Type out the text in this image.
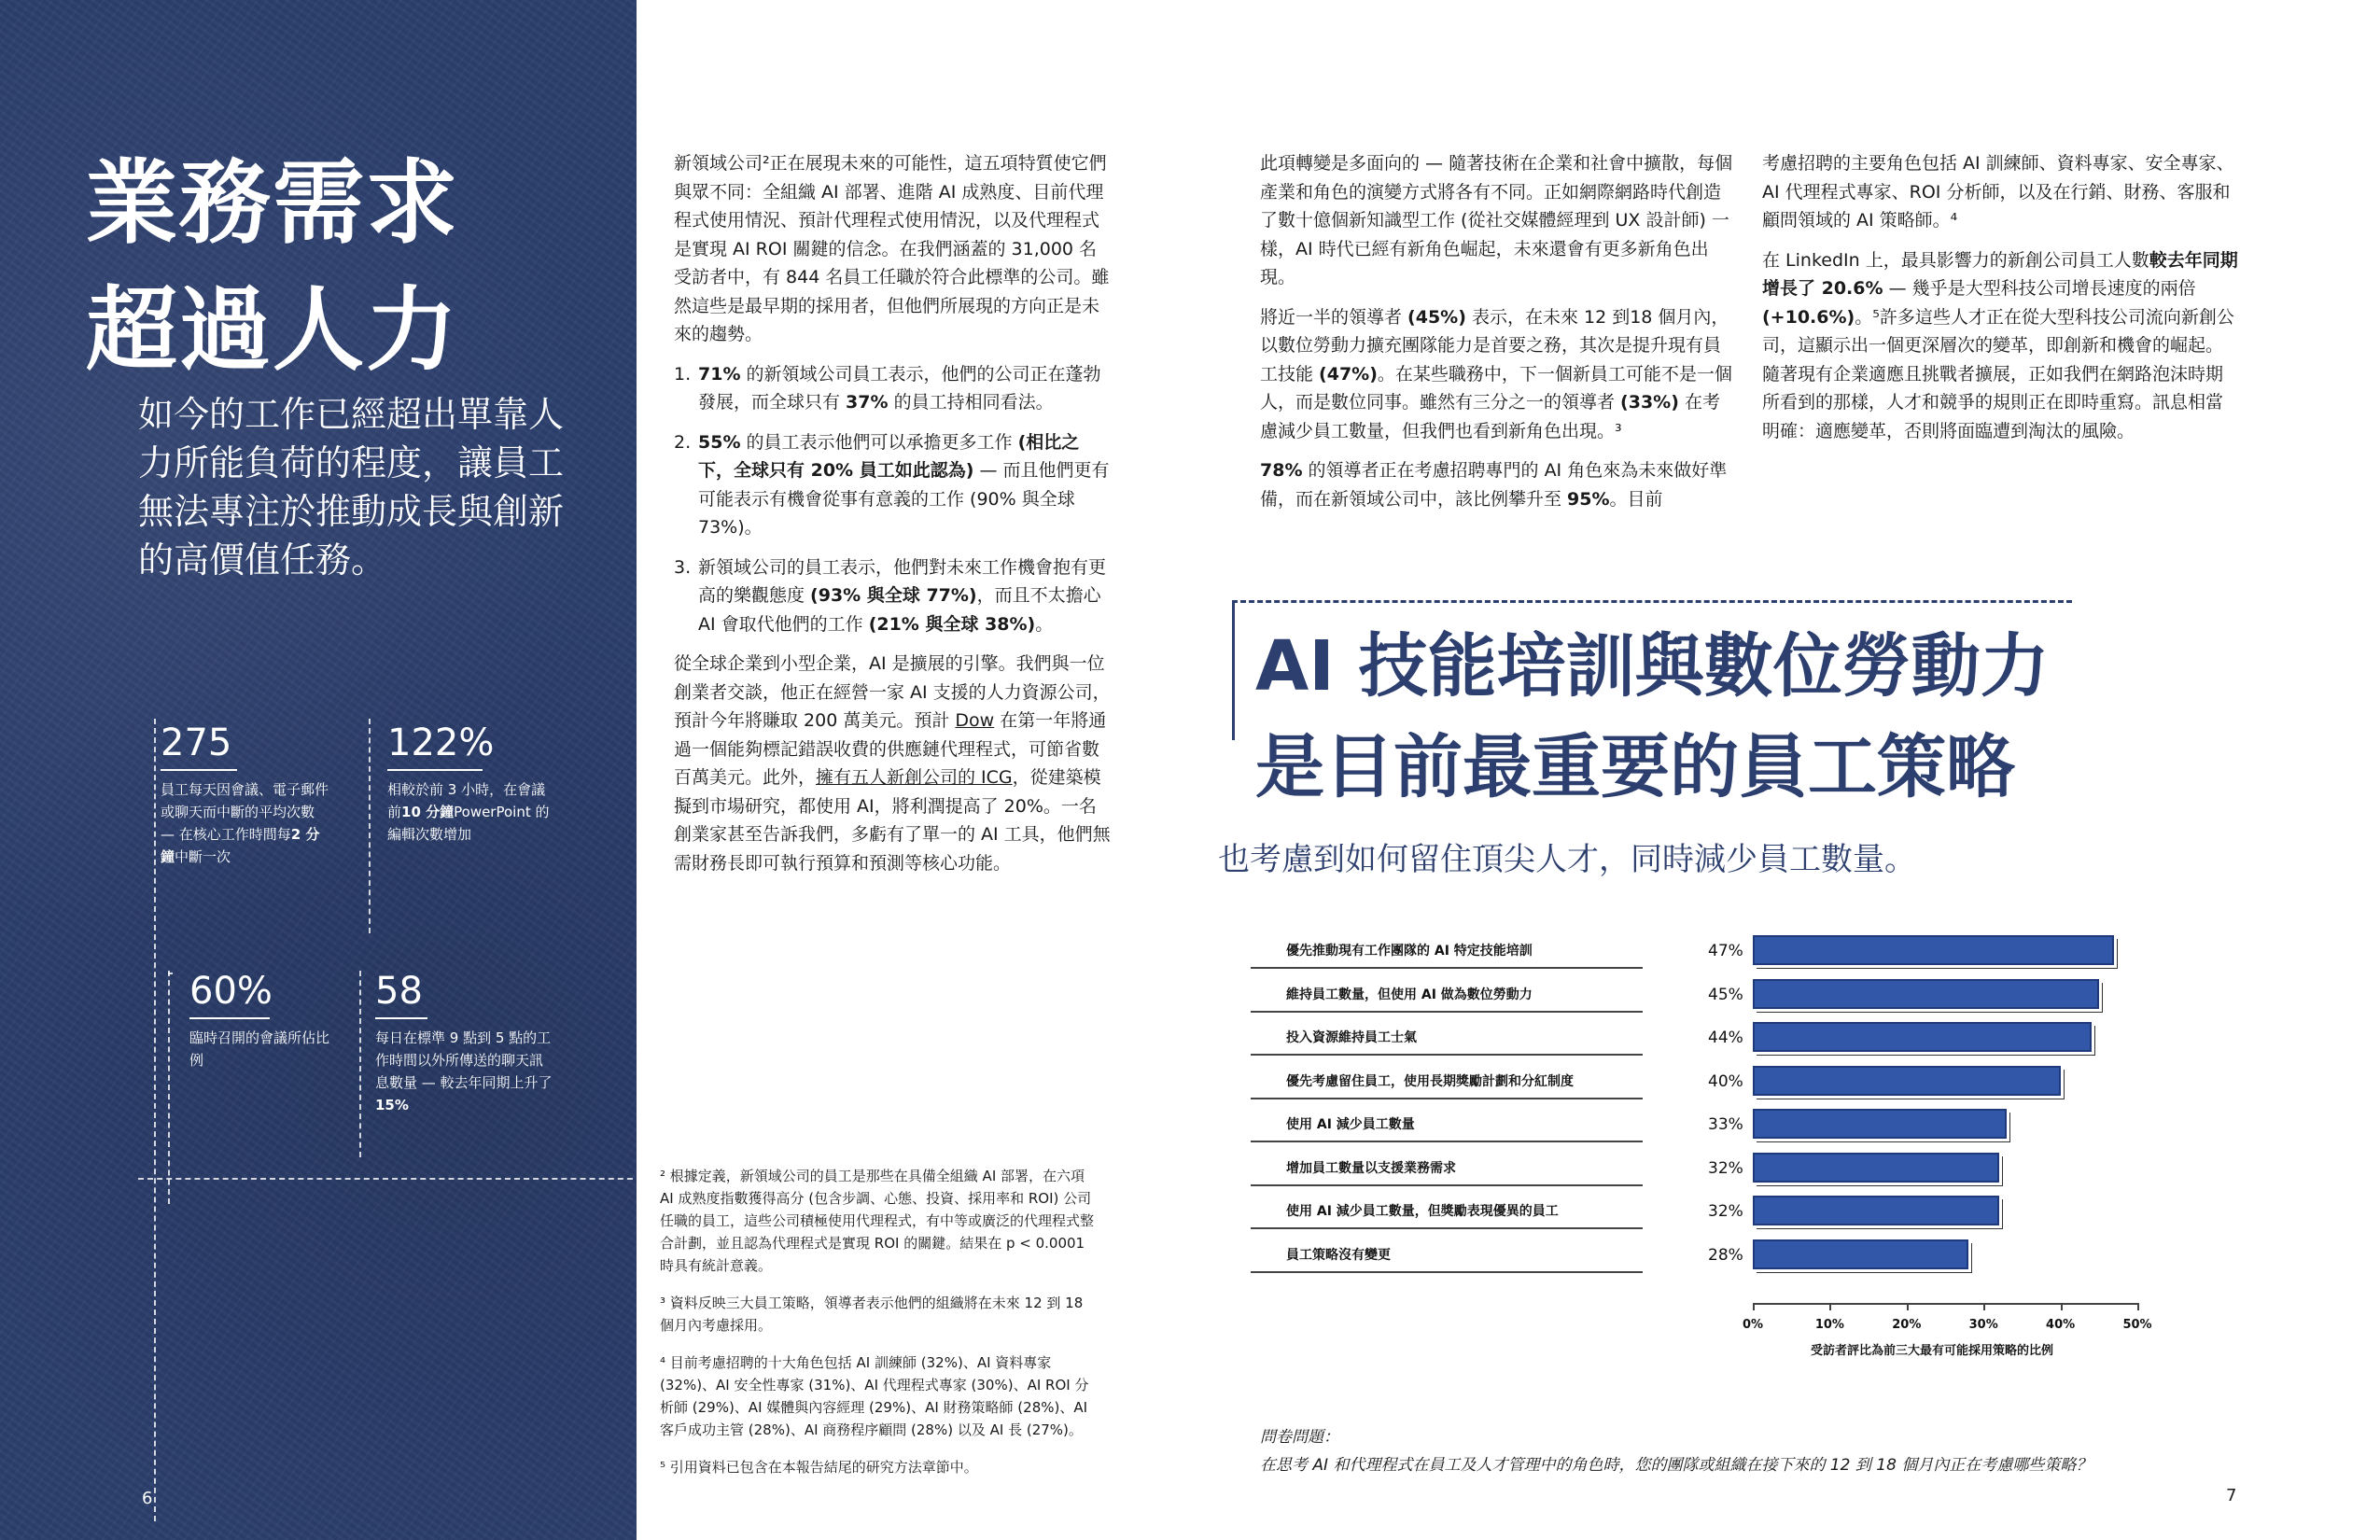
業務需求
超過人力
如今的工作已經超出單靠人力所能負荷的程度，讓員工無法專注於推動成長與創新的高價值任務。
275
員工每天因會議、電子郵件或聊天而中斷的平均次數 — 在核心工作時間每2 分鐘中斷一次
122%
相較於前 3 小時，在會議前10 分鐘PowerPoint 的編輯次數增加
60%
臨時召開的會議所佔比例
58
每日在標準 9 點到 5 點的工作時間以外所傳送的聊天訊息數量 — 較去年同期上升了15%
6

新領域公司²正在展現未來的可能性，這五項特質使它們與眾不同：全組織 AI 部署、進階 AI 成熟度、目前代理程式使用情況、預計代理程式使用情況，以及代理程式是實現 AI ROI 關鍵的信念。在我們涵蓋的 31,000 名受訪者中，有 844 名員工任職於符合此標準的公司。雖然這些是最早期的採用者，但他們所展現的方向正是未來的趨勢。

1. 71% 的新領域公司員工表示，他們的公司正在蓬勃發展，而全球只有 37% 的員工持相同看法。
2. 55% 的員工表示他們可以承擔更多工作 (相比之下，全球只有 20% 員工如此認為) — 而且他們更有可能表示有機會從事有意義的工作 (90% 與全球 73%)。
3. 新領域公司的員工表示，他們對未來工作機會抱有更高的樂觀態度 (93% 與全球 77%)，而且不太擔心 AI 會取代他們的工作 (21% 與全球 38%)。

從全球企業到小型企業，AI 是擴展的引擎。我們與一位創業者交談，他正在經營一家 AI 支援的人力資源公司，預計今年將賺取 200 萬美元。預計 Dow 在第一年將通過一個能夠標記錯誤收費的供應鏈代理程式，可節省數百萬美元。此外，擁有五人新創公司的 ICG，從建築模擬到市場研究，都使用 AI，將利潤提高了 20%。一名創業家甚至告訴我們，多虧有了單一的 AI 工具，他們無需財務長即可執行預算和預測等核心功能。

² 根據定義，新領域公司的員工是那些在具備全組織 AI 部署，在六項 AI 成熟度指數獲得高分 (包含步調、心態、投資、採用率和 ROI) 公司任職的員工，這些公司積極使用代理程式，有中等或廣泛的代理程式整合計劃，並且認為代理程式是實現 ROI 的關鍵。結果在 p < 0.0001 時具有統計意義。

³ 資料反映三大員工策略，領導者表示他們的組織將在未來 12 到 18 個月內考慮採用。

⁴ 目前考慮招聘的十大角色包括 AI 訓練師 (32%)、AI 資料專家 (32%)、AI 安全性專家 (31%)、AI 代理程式專家 (30%)、AI ROI 分析師 (29%)、AI 媒體與內容經理 (29%)、AI 財務策略師 (28%)、AI 客戶成功主管 (28%)、AI 商務程序顧問 (28%) 以及 AI 長 (27%)。

⁵ 引用資料已包含在本報告結尾的研究方法章節中。

此項轉變是多面向的 — 隨著技術在企業和社會中擴散，每個產業和角色的演變方式將各有不同。正如網際網路時代創造了數十億個新知識型工作 (從社交媒體經理到 UX 設計師) 一樣，AI 時代已經有新角色崛起，未來還會有更多新角色出現。

將近一半的領導者 (45%) 表示，在未來 12 到18 個月內，以數位勞動力擴充團隊能力是首要之務，其次是提升現有員工技能 (47%)。在某些職務中，下一個新員工可能不是一個人，而是數位同事。雖然有三分之一的領導者 (33%) 在考慮減少員工數量，但我們也看到新角色出現。³

78% 的領導者正在考慮招聘專門的 AI 角色來為未來做好準備，而在新領域公司中，該比例攀升至 95%。目前

考慮招聘的主要角色包括 AI 訓練師、資料專家、安全專家、AI 代理程式專家、ROI 分析師，以及在行銷、財務、客服和顧問領域的 AI 策略師。⁴

在 LinkedIn 上，最具影響力的新創公司員工人數較去年同期增長了 20.6% — 幾乎是大型科技公司增長速度的兩倍 (+10.6%)。⁵許多這些人才正在從大型科技公司流向新創公司，這顯示出一個更深層次的變革，即創新和機會的崛起。隨著現有企業適應且挑戰者擴展，正如我們在網路泡沫時期所看到的那樣，人才和競爭的規則正在即時重寫。訊息相當明確：適應變革，否則將面臨遭到淘汰的風險。

AI 技能培訓與數位勞動力
是目前最重要的員工策略
也考慮到如何留住頂尖人才，同時減少員工數量。
優先推動現有工作團隊的 AI 特定技能培訓	47%
維持員工數量，但使用 AI 做為數位勞動力	45%
投入資源維持員工士氣	44%
優先考慮留住員工，使用長期獎勵計劃和分紅制度	40%
使用 AI 減少員工數量	33%
增加員工數量以支援業務需求	32%
使用 AI 減少員工數量，但獎勵表現優異的員工	32%
員工策略沒有變更	28%
0%	10%	20%	30%	40%	50%
受訪者評比為前三大最有可能採用策略的比例
問卷問題：
在思考 AI 和代理程式在員工及人才管理中的角色時，您的團隊或組織在接下來的 12 到 18 個月內正在考慮哪些策略？
7
